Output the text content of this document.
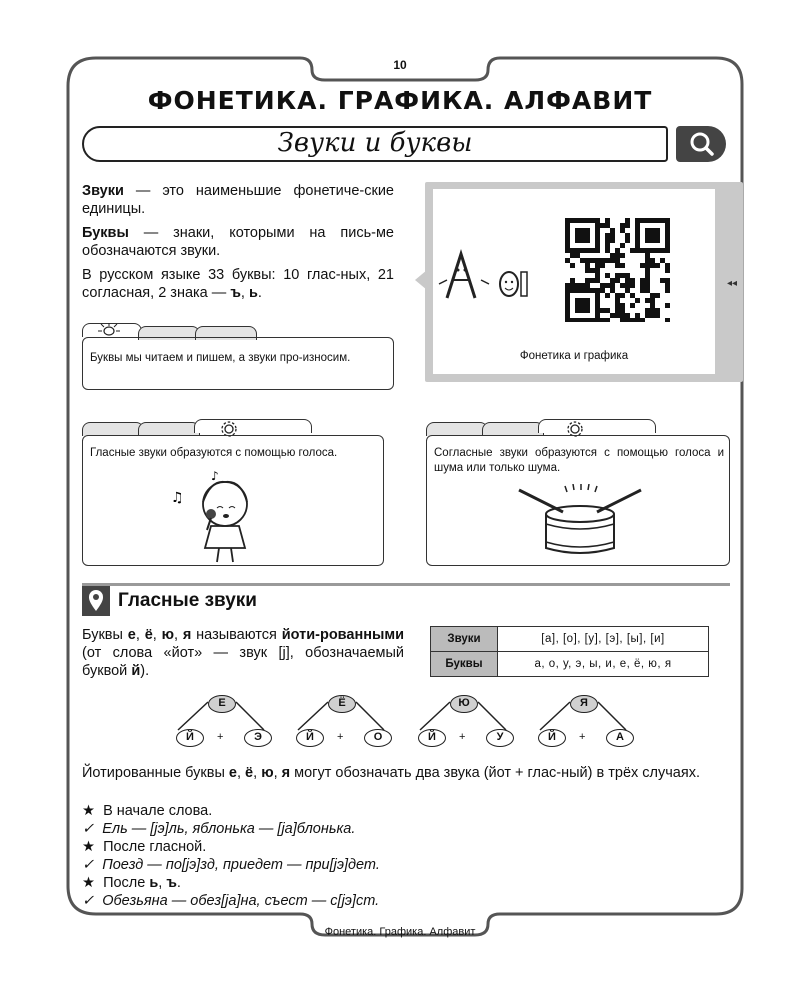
10
ФОНЕТИКА. ГРАФИКА. АЛФАВИТ
Звуки и буквы
Звуки — это наименьшие фонетиче-ские единицы.
Буквы — знаки, которыми на пись-ме обозначаются звуки.
В русском языке 33 буквы: 10 глас-ных, 21 согласная, 2 знака — ъ, ь.
Буквы мы читаем и пишем, а звуки про-износим.	Фонетика и графика
◂◂
Гласные звуки образуются с помощью голоса.
♫
♪
Согласные звуки образуются с помощью голоса и шума или только шума.
Гласные звуки
Буквы е, ё, ю, я называются йоти-рованными (от слова «йот» — звук [j], обозначаемый буквой й).
Звуки	[а], [о], [у], [э], [ы], [и]
Буквы	а, о, у, э, ы, и, е, ё, ю, я
Е
Й	+	Э
Ё
Й	+	О
Ю
Й	+	У
Я
Й	+	А
Йотированные буквы е, ё, ю, я могут обозначать два звука (йот + глас-ный) в трёх случаях.
★ В начале слова.
✓ Ель — [jэ]ль, яблонька — [jа]блонька.
★ После гласной.
✓ Поезд — по[jэ]зд, приедет — при[jэ]дет.
★ После ь, ъ.
✓ Обезьяна — обез[jа]на, съест — с[jэ]ст.
Фонетика. Графика. Алфавит
